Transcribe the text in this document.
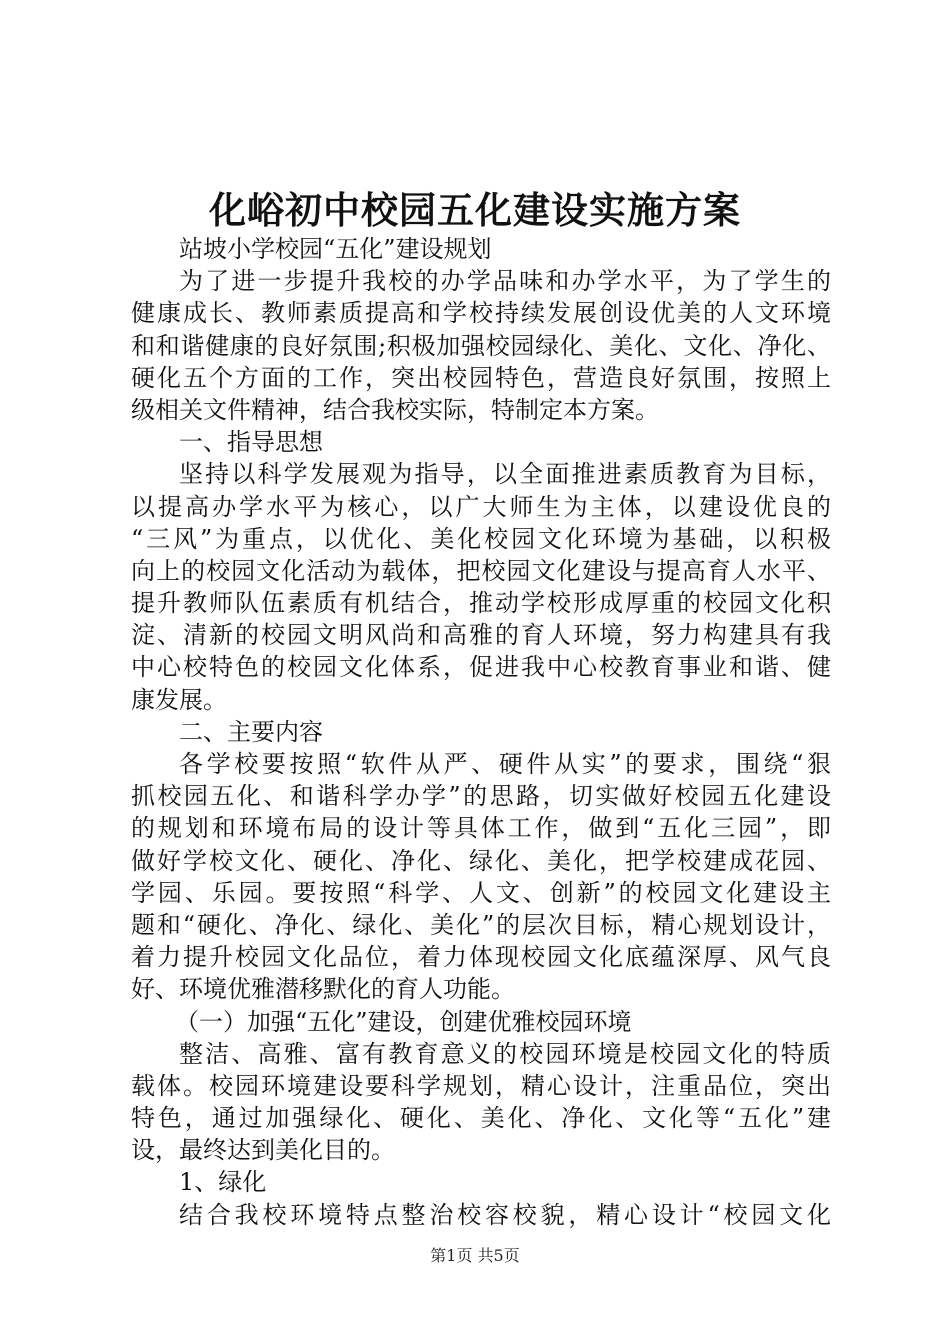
化峪初中校园五化建设实施方案
站坡小学校园“五化”建设规划
为了进一步提升我校的办学品味和办学水平，为了学生的
健康成长、教师素质提高和学校持续发展创设优美的人文环境
和和谐健康的良好氛围;积极加强校园绿化、美化、文化、净化、
硬化五个方面的工作，突出校园特色，营造良好氛围，按照上
级相关文件精神，结合我校实际，特制定本方案。
一、指导思想
坚持以科学发展观为指导，以全面推进素质教育为目标，
以提高办学水平为核心，以广大师生为主体，以建设优良的
“三风”为重点，以优化、美化校园文化环境为基础，以积极
向上的校园文化活动为载体，把校园文化建设与提高育人水平、
提升教师队伍素质有机结合，推动学校形成厚重的校园文化积
淀、清新的校园文明风尚和高雅的育人环境，努力构建具有我
中心校特色的校园文化体系，促进我中心校教育事业和谐、健
康发展。
二、主要内容
各学校要按照“软件从严、硬件从实”的要求，围绕“狠
抓校园五化、和谐科学办学”的思路，切实做好校园五化建设
的规划和环境布局的设计等具体工作，做到“五化三园”，即
做好学校文化、硬化、净化、绿化、美化，把学校建成花园、
学园、乐园。要按照“科学、人文、创新”的校园文化建设主
题和“硬化、净化、绿化、美化”的层次目标，精心规划设计，
着力提升校园文化品位，着力体现校园文化底蕴深厚、风气良
好、环境优雅潜移默化的育人功能。
（一）加强“五化”建设，创建优雅校园环境
整洁、高雅、富有教育意义的校园环境是校园文化的特质
载体。校园环境建设要科学规划，精心设计，注重品位，突出
特色，通过加强绿化、硬化、美化、净化、文化等“五化”建
设，最终达到美化目的。
1、绿化
结合我校环境特点整治校容校貌，精心设计“校园文化
第1页 共5页
